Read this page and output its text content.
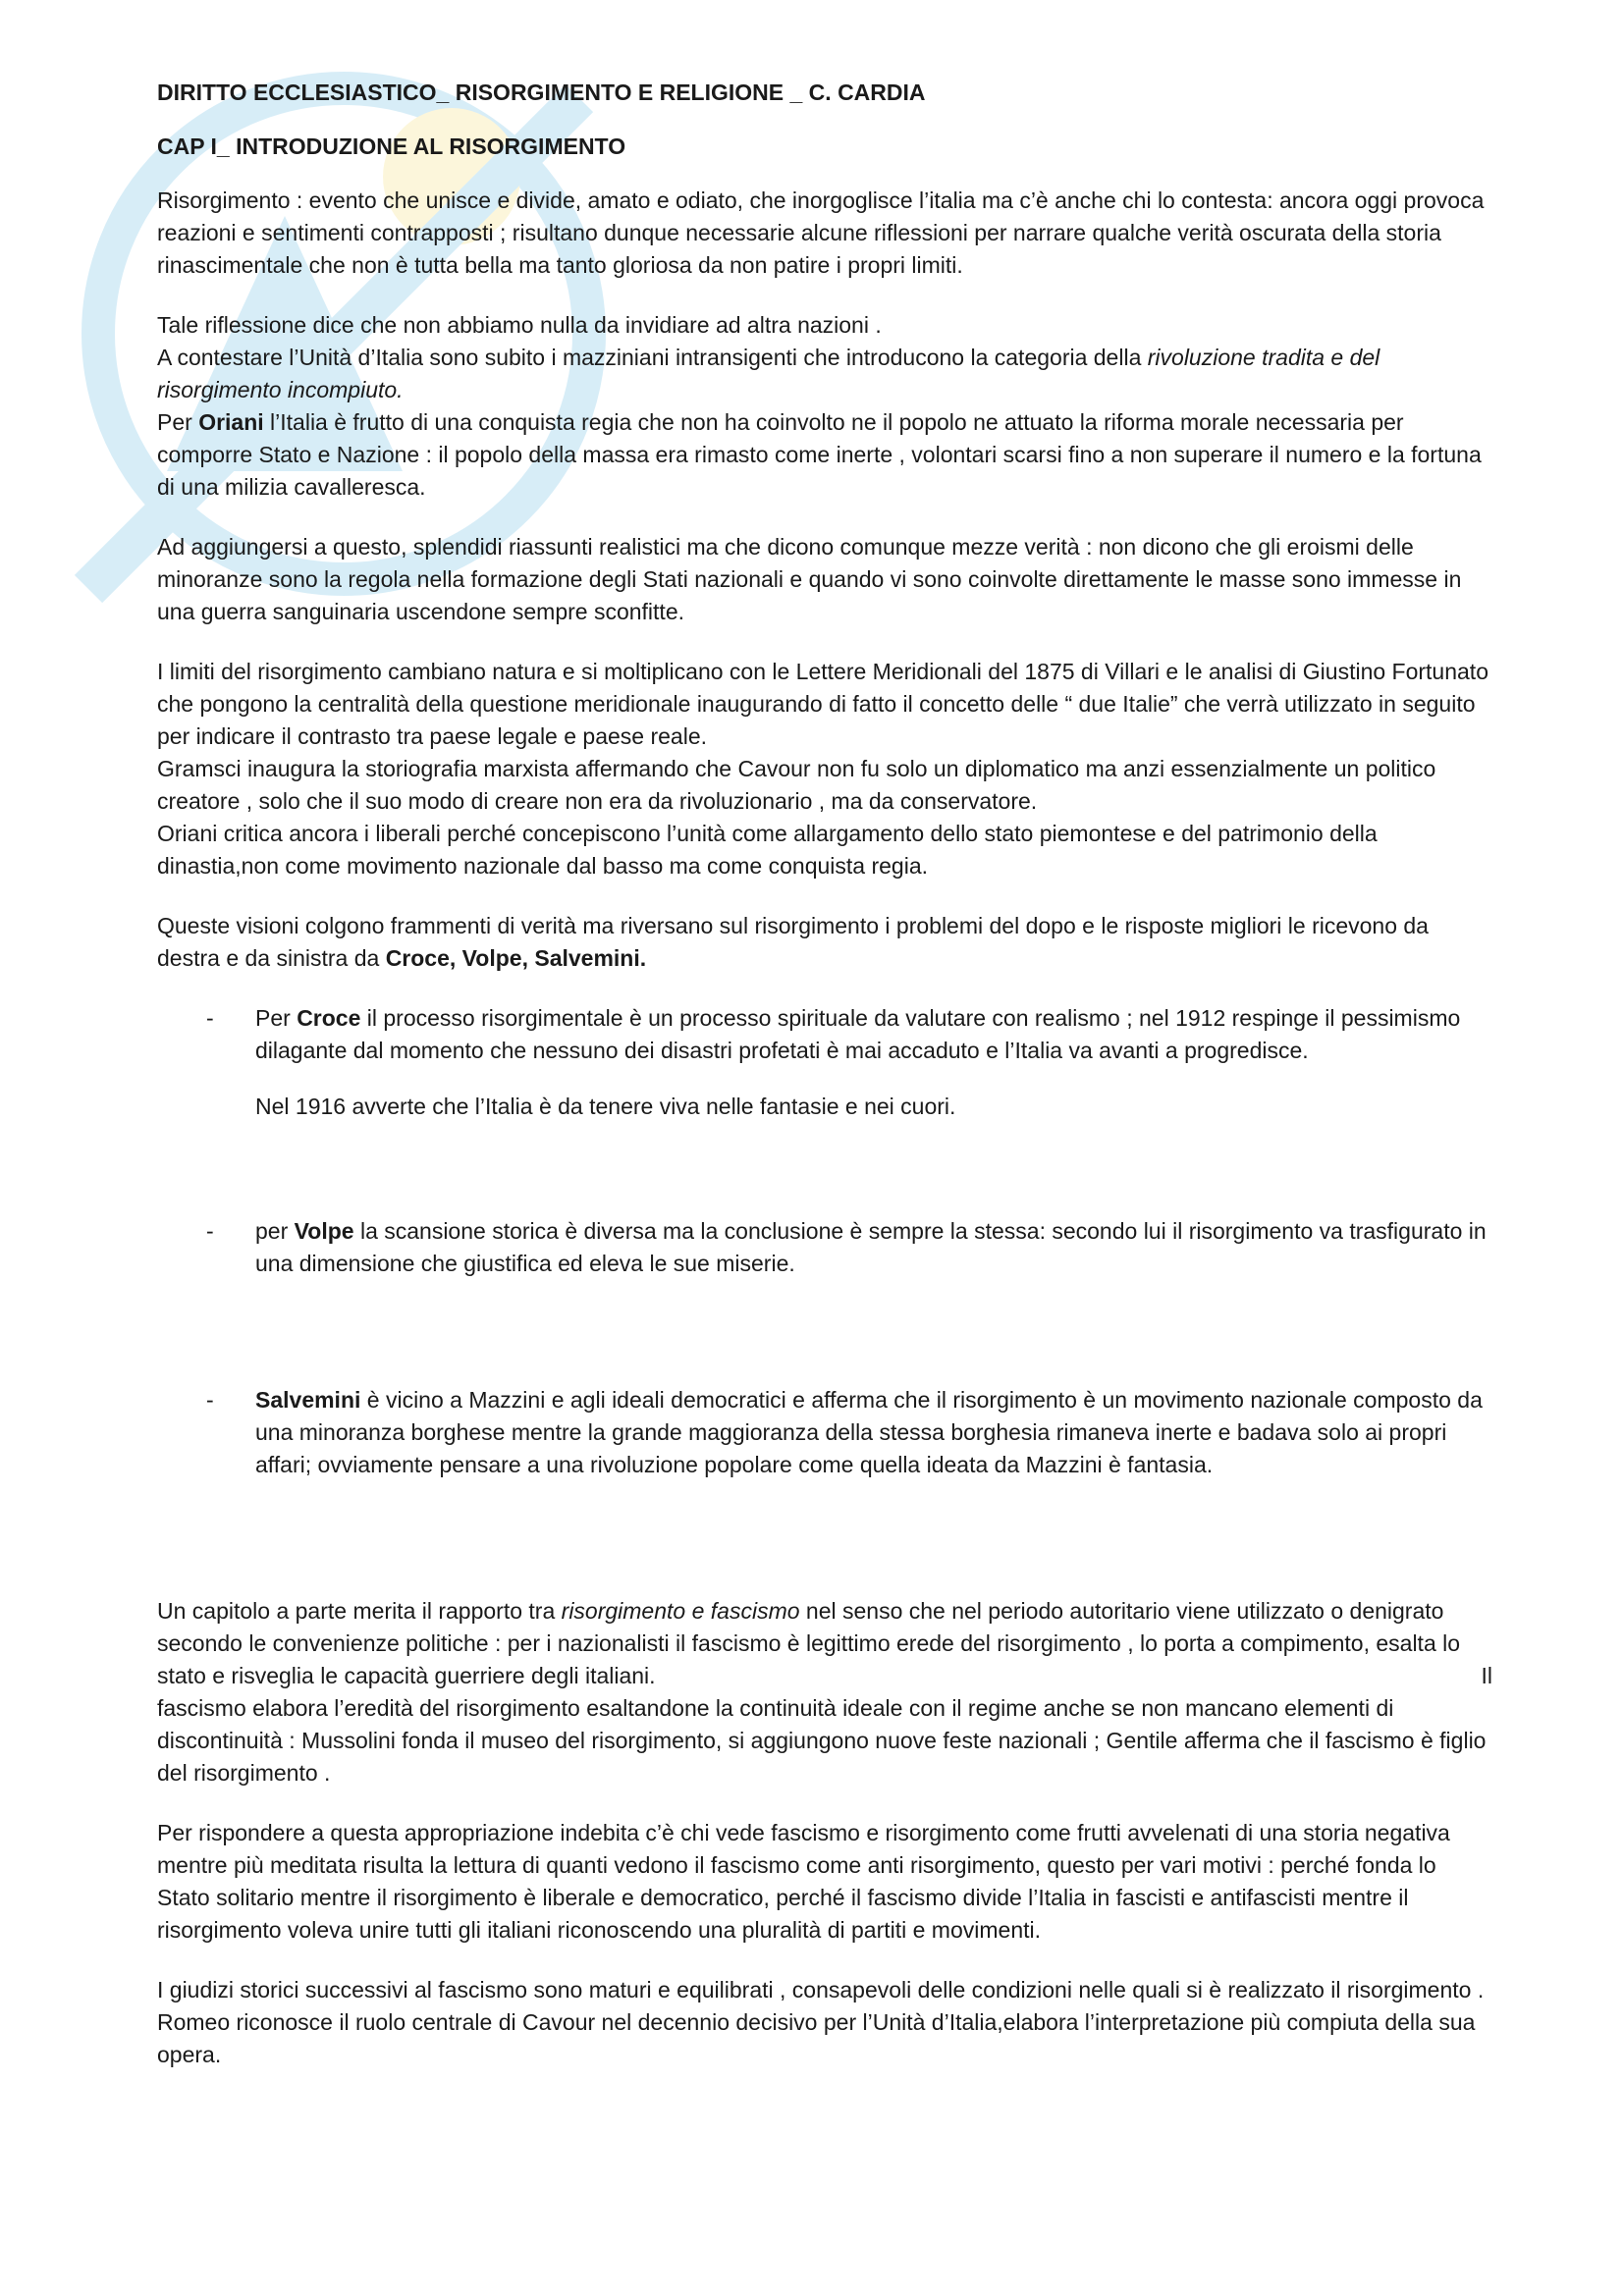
DIRITTO ECCLESIASTICO_ RISORGIMENTO E RELIGIONE _ C. CARDIA
CAP I_ INTRODUZIONE AL RISORGIMENTO

Risorgimento : evento che unisce e divide, amato e odiato, che inorgoglisce l’italia ma c’è anche chi lo contesta: ancora oggi provoca reazioni e sentimenti contrapposti ; risultano dunque necessarie alcune riflessioni per narrare qualche verità oscurata della storia rinascimentale che non è tutta bella ma tanto gloriosa da non patire i propri limiti.

Tale riflessione dice che non abbiamo nulla da invidiare ad altra nazioni .
A contestare l’Unità d’Italia sono subito i mazziniani intransigenti che introducono la categoria della rivoluzione tradita e del risorgimento incompiuto.
Per Oriani l’Italia è frutto di una conquista regia che non ha coinvolto ne il popolo ne attuato la riforma morale necessaria per comporre Stato e Nazione : il popolo della massa era rimasto come inerte , volontari scarsi fino a non superare il numero e la fortuna di una milizia cavalleresca.

Ad aggiungersi a questo, splendidi riassunti realistici ma che dicono comunque mezze verità : non dicono che gli eroismi delle minoranze sono la regola nella formazione degli Stati nazionali e quando vi sono coinvolte direttamente le masse sono immesse in una guerra sanguinaria uscendone sempre sconfitte.

I limiti del risorgimento cambiano natura e si moltiplicano con le Lettere Meridionali del 1875 di Villari e le analisi di Giustino Fortunato che pongono la centralità della questione meridionale inaugurando di fatto il concetto delle “ due Italie” che verrà utilizzato in seguito per indicare il contrasto tra paese legale e paese reale.
Gramsci inaugura la storiografia marxista affermando che Cavour non fu solo un diplomatico ma anzi essenzialmente un politico creatore , solo che il suo modo di creare non era da rivoluzionario , ma da conservatore.
Oriani critica ancora i liberali perché concepiscono l’unità come allargamento dello stato piemontese e del patrimonio della dinastia,non come movimento nazionale dal basso ma come conquista regia.

Queste visioni colgono frammenti di verità ma riversano sul risorgimento i problemi del dopo e le risposte migliori le ricevono da destra e da sinistra da Croce, Volpe, Salvemini.

- Per Croce il processo risorgimentale è un processo spirituale da valutare con realismo ; nel 1912 respinge il pessimismo dilagante dal momento che nessuno dei disastri profetati è mai accaduto e l’Italia va avanti a progredisce.

Nel 1916 avverte che l’Italia è da tenere viva nelle fantasie e nei cuori.

- per Volpe la scansione storica è diversa ma la conclusione è sempre la stessa: secondo lui il risorgimento va trasfigurato in una dimensione che giustifica ed eleva le sue miserie.

- Salvemini è vicino a Mazzini e agli ideali democratici e afferma che il risorgimento è un movimento nazionale composto da una minoranza borghese mentre la grande maggioranza della stessa borghesia rimaneva inerte e badava solo ai propri affari; ovviamente pensare a una rivoluzione popolare come quella ideata da Mazzini è fantasia.

Un capitolo a parte merita il rapporto tra risorgimento e fascismo nel senso che nel periodo autoritario viene utilizzato o denigrato secondo le convenienze politiche : per i nazionalisti il fascismo è legittimo erede del risorgimento , lo porta a compimento, esalta lo stato e risveglia le capacità guerriere degli italiani.	Il
fascismo elabora l’eredità del risorgimento esaltandone la continuità ideale con il regime anche se non mancano elementi di discontinuità : Mussolini fonda il museo del risorgimento, si aggiungono nuove feste nazionali ; Gentile afferma che il fascismo è figlio del risorgimento .

Per rispondere a questa appropriazione indebita c’è chi vede fascismo e risorgimento come frutti avvelenati di una storia negativa mentre più meditata risulta la lettura di quanti vedono il fascismo come anti risorgimento, questo per vari motivi : perché fonda lo Stato solitario mentre il risorgimento è liberale e democratico, perché il fascismo divide l’Italia in fascisti e antifascisti mentre il risorgimento voleva unire tutti gli italiani riconoscendo una pluralità di partiti e movimenti.

I giudizi storici successivi al fascismo sono maturi e equilibrati , consapevoli delle condizioni nelle quali si è realizzato il risorgimento . Romeo riconosce il ruolo centrale di Cavour nel decennio decisivo per l’Unità d’Italia,elabora l’interpretazione più compiuta della sua opera.
